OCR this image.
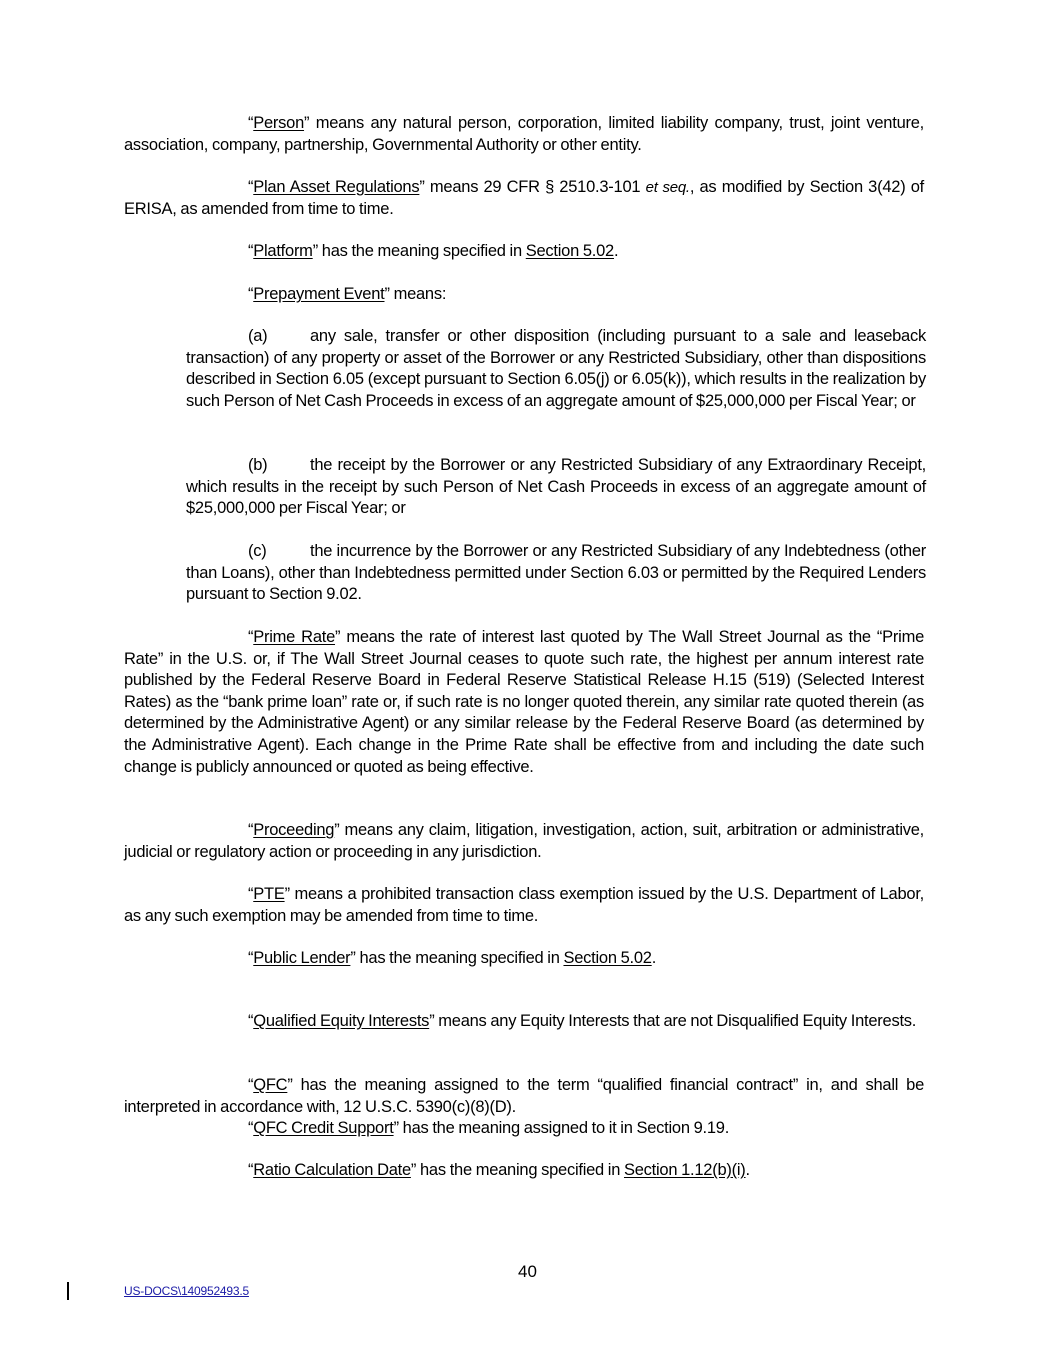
“Person” means any natural person, corporation, limited liability company, trust, joint venture, association, company, partnership, Governmental Authority or other entity.

“Plan Asset Regulations” means 29 CFR § 2510.3-101 et seq., as modified by Section 3(42) of ERISA, as amended from time to time.

“Platform” has the meaning specified in Section 5.02.

“Prepayment Event” means:

(a)	any sale, transfer or other disposition (including pursuant to a sale and leaseback transaction) of any property or asset of the Borrower or any Restricted Subsidiary, other than dispositions described in Section 6.05 (except pursuant to Section 6.05(j) or 6.05(k)), which results in the realization by such Person of Net Cash Proceeds in excess of an aggregate amount of $25,000,000 per Fiscal Year; or

(b)	the receipt by the Borrower or any Restricted Subsidiary of any Extraordinary Receipt, which results in the receipt by such Person of Net Cash Proceeds in excess of an aggregate amount of $25,000,000 per Fiscal Year; or

(c)	the incurrence by the Borrower or any Restricted Subsidiary of any Indebtedness (other than Loans), other than Indebtedness permitted under Section 6.03 or permitted by the Required Lenders pursuant to Section 9.02.

“Prime Rate” means the rate of interest last quoted by The Wall Street Journal as the “Prime Rate” in the U.S. or, if The Wall Street Journal ceases to quote such rate, the highest per annum interest rate published by the Federal Reserve Board in Federal Reserve Statistical Release H.15 (519) (Selected Interest Rates) as the “bank prime loan” rate or, if such rate is no longer quoted therein, any similar rate quoted therein (as determined by the Administrative Agent) or any similar release by the Federal Reserve Board (as determined by the Administrative Agent). Each change in the Prime Rate shall be effective from and including the date such change is publicly announced or quoted as being effective.

“Proceeding” means any claim, litigation, investigation, action, suit, arbitration or administrative, judicial or regulatory action or proceeding in any jurisdiction.

“PTE” means a prohibited transaction class exemption issued by the U.S. Department of Labor, as any such exemption may be amended from time to time.

“Public Lender” has the meaning specified in Section 5.02.

“Qualified Equity Interests” means any Equity Interests that are not Disqualified Equity Interests.

“QFC” has the meaning assigned to the term “qualified financial contract” in, and shall be interpreted in accordance with, 12 U.S.C. 5390(c)(8)(D).

“QFC Credit Support” has the meaning assigned to it in Section 9.19.

“Ratio Calculation Date” has the meaning specified in Section 1.12(b)(i).

40
US-DOCS\140952493.5
